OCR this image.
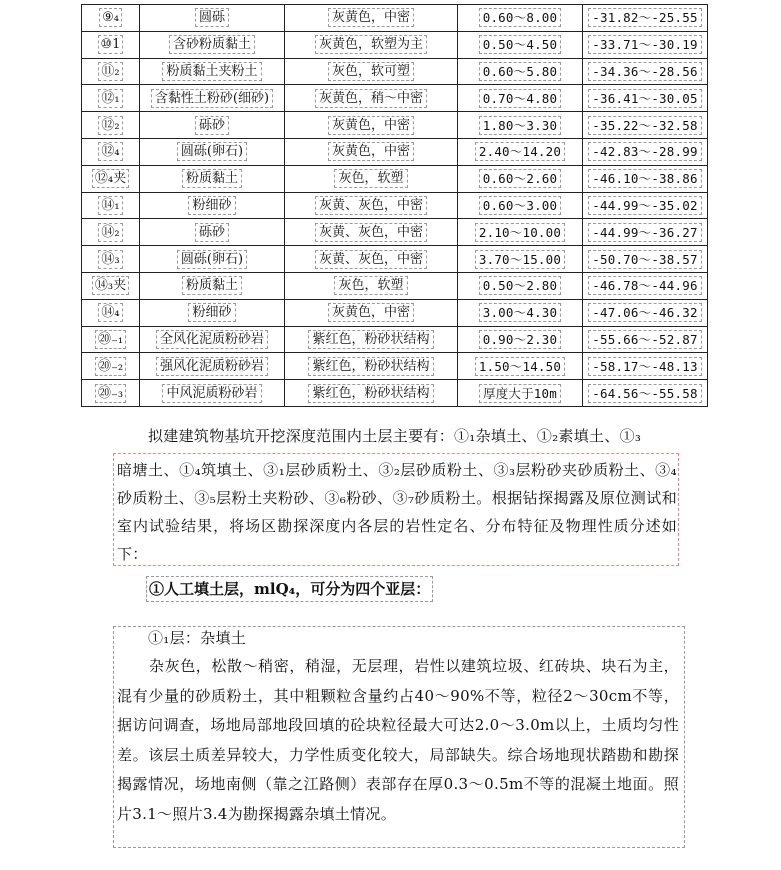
⑨₄	圆砾	灰黄色，中密	0.60～8.00	-31.82～-25.55
⑩1	含砂粉质黏土	灰黄色，软塑为主	0.50～4.50	-33.71～-30.19
⑪₂	粉质黏土夹粉土	灰色，软可塑	0.60～5.80	-34.36～-28.56
⑫₁	含黏性土粉砂(细砂)	灰黄色，稍～中密	0.70～4.80	-36.41～-30.05
⑫₂	砾砂	灰黄色，中密	1.80～3.30	-35.22～-32.58
⑫₄	圆砾(卵石)	灰黄色，中密	2.40～14.20	-42.83～-28.99
⑫₄夹	粉质黏土	灰色，软塑	0.60～2.60	-46.10～-38.86
⑭₁	粉细砂	灰黄、灰色，中密	0.60～3.00	-44.99～-35.02
⑭₂	砾砂	灰黄、灰色，中密	2.10～10.00	-44.99～-36.27
⑭₃	圆砾(卵石)	灰黄、灰色，中密	3.70～15.00	-50.70～-38.57
⑭₃夹	粉质黏土	灰色，软塑	0.50～2.80	-46.78～-44.96
⑭₄	粉细砂	灰黄色，中密	3.00～4.30	-47.06～-46.32
⑳₋₁	全风化泥质粉砂岩	紫红色，粉砂状结构	0.90～2.30	-55.66～-52.87
⑳₋₂	强风化泥质粉砂岩	紫红色，粉砂状结构	1.50～14.50	-58.17～-48.13
⑳₋₃	中风泥质粉砂岩	紫红色，粉砂状结构	厚度大于10m	-64.56～-55.58

拟建建筑物基坑开挖深度范围内土层主要有：①₁杂填土、①₂素填土、①₃

暗塘土、①₄筑填土、③₁层砂质粉土、③₂层砂质粉土、③₃层粉砂夹砂质粉土、③₄砂质粉土、③₅层粉土夹粉砂、③₆粉砂、③₇砂质粉土。根据钻探揭露及原位测试和室内试验结果，将场区勘探深度内各层的岩性定名、分布特征及物理性质分述如下：

①人工填土层，mlQ₄，可分为四个亚层：

①₁层：杂填土

杂灰色，松散～稍密，稍湿，无层理，岩性以建筑垃圾、红砖块、块石为主，混有少量的砂质粉土，其中粗颗粒含量约占40～90%不等，粒径2～30cm不等，据访问调查，场地局部地段回填的砼块粒径最大可达2.0～3.0m以上，土质均匀性差。该层土质差异较大，力学性质变化较大，局部缺失。综合场地现状踏勘和勘探揭露情况，场地南侧（靠之江路侧）表部存在厚0.3～0.5m不等的混凝土地面。照片3.1～照片3.4为勘探揭露杂填土情况。
